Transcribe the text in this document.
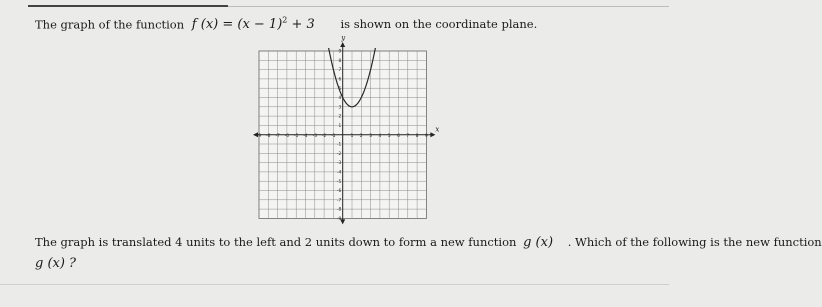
The graph of the function f $(x) = (x - 1)^2 + 3$ is shown on the coordinate plane.
x
y
-9 -8 -7 -6 -5 -4 -3 -2 -1	1 2 3 4 5 6 7 8 9
9
8
7
6
5
4
3
2
1
-1
-2
-3
-4
-5
-6
-7
-8
-9
The graph is translated 4 units to the left and 2 units down to form a new function g (x) . Which of the following is the new function
g (x) ?
